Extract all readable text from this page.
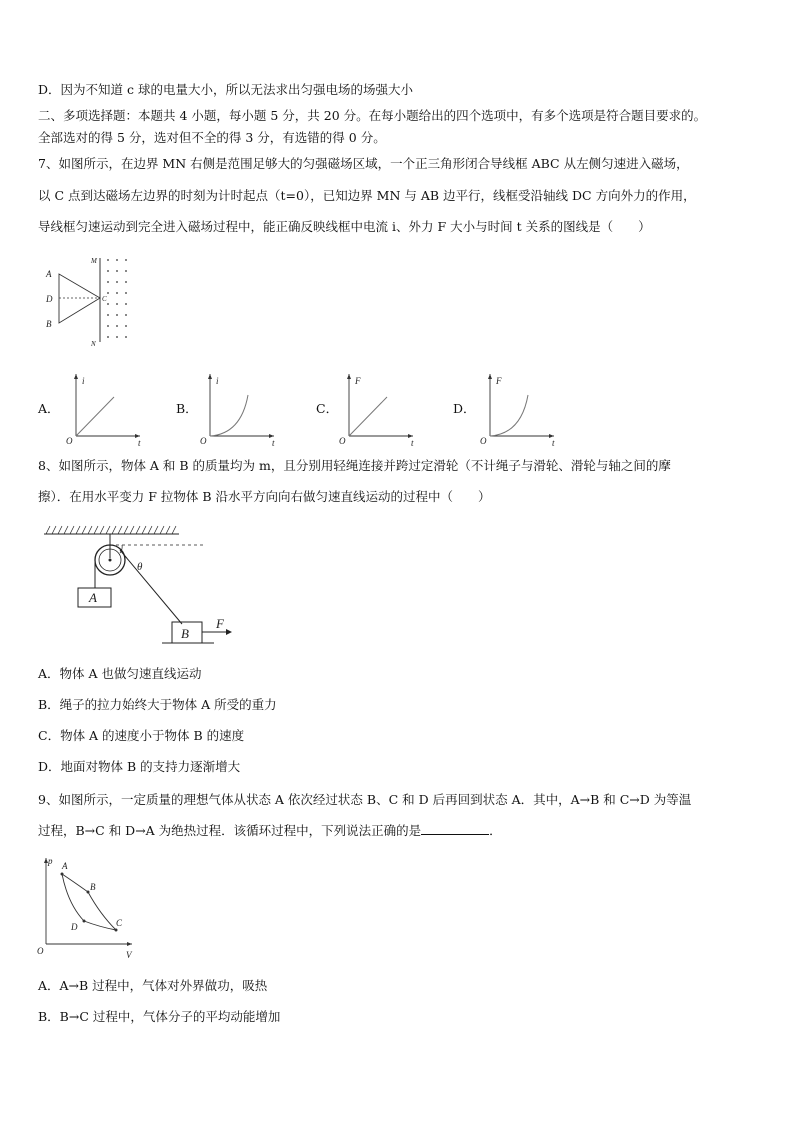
D．因为不知道 c 球的电量大小，所以无法求出匀强电场的场强大小
二、多项选择题：本题共 4 小题，每小题 5 分，共 20 分。在每小题给出的四个选项中，有多个选项是符合题目要求的。
全部选对的得 5 分，选对但不全的得 3 分，有选错的得 0 分。
7、如图所示，在边界 MN 右侧是范围足够大的匀强磁场区域，一个正三角形闭合导线框 ABC 从左侧匀速进入磁场，
以 C 点到达磁场左边界的时刻为计时起点（t=0），已知边界 MN 与 AB 边平行，线框受沿轴线 DC 方向外力的作用，
导线框匀速运动到完全进入磁场过程中，能正确反映线框中电流 i、外力 F 大小与时间 t 关系的图线是（　　）
A
D
B
C
M
N
A．
i
O	t
B．
i
O	t
C．
F
O	t
D．
F
O	t
8、如图所示，物体 A 和 B 的质量均为 m，且分别用轻绳连接并跨过定滑轮（不计绳子与滑轮、滑轮与轴之间的摩
擦）．在用水平变力 F 拉物体 B 沿水平方向向右做匀速直线运动的过程中（　　）
θ
A
B
F
A．物体 A 也做匀速直线运动
B．绳子的拉力始终大于物体 A 所受的重力
C．物体 A 的速度小于物体 B 的速度
D．地面对物体 B 的支持力逐渐增大
9、如图所示，一定质量的理想气体从状态 A 依次经过状态 B、C 和 D 后再回到状态 A．其中，A→B 和 C→D 为等温
过程，B→C 和 D→A 为绝热过程．该循环过程中，下列说法正确的是	．
p
V
O
A
B
C
D
A．A→B 过程中，气体对外界做功，吸热
B．B→C 过程中，气体分子的平均动能增加
